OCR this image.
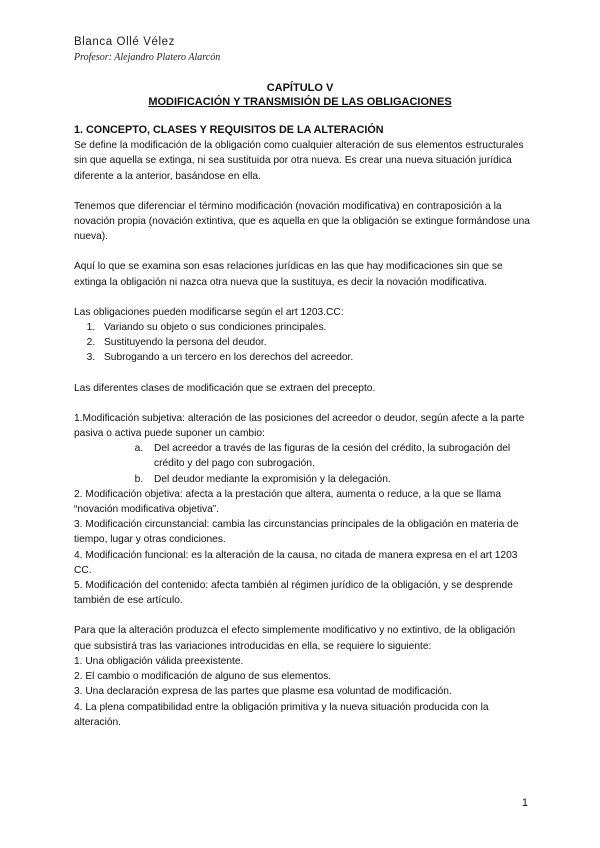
Blanca Ollé Vélez
Profesor: Alejandro Platero Alarcón
CAPÍTULO V
MODIFICACIÓN Y TRANSMISIÓN DE LAS OBLIGACIONES

1. CONCEPTO, CLASES Y REQUISITOS DE LA ALTERACIÓN

Se define la modificación de la obligación como cualquier alteración de sus elementos estructurales sin que aquella se extinga, ni sea sustituida por otra nueva. Es crear una nueva situación jurídica diferente a la anterior, basándose en ella.

Tenemos que diferenciar el término modificación (novación modificativa) en contraposición a la novación propia (novación extintiva, que es aquella en que la obligación se extingue formándose una nueva).

Aquí lo que se examina son esas relaciones jurídicas en las que hay modificaciones sin que se extinga la obligación ni nazca otra nueva que la sustituya, es decir la novación modificativa.

Las obligaciones pueden modificarse según el art 1203.CC:

1. Variando su objeto o sus condiciones principales.
2. Sustituyendo la persona del deudor.
3. Subrogando a un tercero en los derechos del acreedor.

Las diferentes clases de modificación que se extraen del precepto.

1.Modificación subjetiva: alteración de las posiciones del acreedor o deudor, según afecte a la parte pasiva o activa puede suponer un cambio:

a. Del acreedor a través de las figuras de la cesión del crédito, la subrogación del crédito y del pago con subrogación.
b. Del deudor mediante la expromisión y la delegación.

2. Modificación objetiva: afecta a la prestación que altera, aumenta o reduce, a la que se llama “novación modificativa objetiva”.

3. Modificación circunstancial: cambia las circunstancias principales de la obligación en materia de tiempo, lugar y otras condiciones.

4. Modificación funcional: es la alteración de la causa, no citada de manera expresa en el art 1203 CC.

5. Modificación del contenido: afecta también al régimen jurídico de la obligación, y se desprende también de ese artículo.

Para que la alteración produzca el efecto simplemente modificativo y no extintivo, de la obligación que subsistirá tras las variaciones introducidas en ella, se requiere lo siguiente:

1. Una obligación válida preexistente.

2. El cambio o modificación de alguno de sus elementos.

3. Una declaración expresa de las partes que plasme esa voluntad de modificación.

4. La plena compatibilidad entre la obligación primitiva y la nueva situación producida con la alteración.

1
